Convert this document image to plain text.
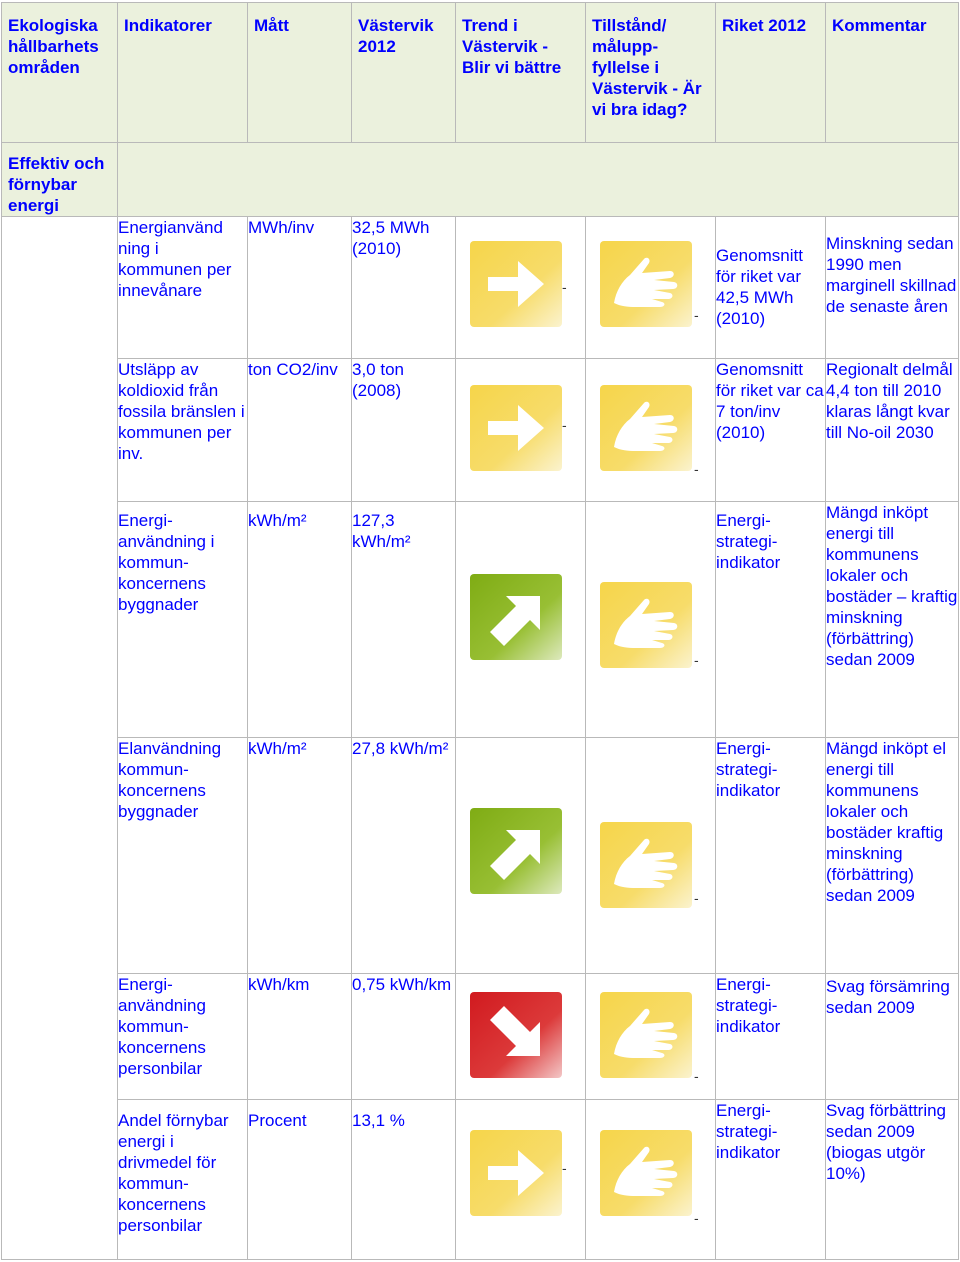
Ekologiska hållbarhets områden	Indikatorer	Mått	Västervik 2012	Trend i Västervik - Blir vi bättre	Tillstånd/ målupp- fyllelse i Västervik - Är vi bra idag?	Riket 2012	Kommentar
Effektiv och förnybar energi							
	Energianvänd ning i kommunen per innevånare	MWh/inv	32,5 MWh (2010)	-	-	Genomsnitt för riket var 42,5 MWh (2010)	Minskning sedan 1990 men marginell skillnad de senaste åren
	Utsläpp av koldioxid från fossila bränslen i kommunen per inv.	ton CO2/inv	3,0 ton (2008)	-	-	Genomsnitt för riket var ca 7 ton/inv (2010)	Regionalt delmål 4,4 ton till 2010 klaras långt kvar till No-oil 2030
	Energi- användning i kommun- koncernens byggnader	kWh/m²	127,3 kWh/m²		-	Energi- strategi- indikator	Mängd inköpt energi till kommunens lokaler och bostäder – kraftig minskning (förbättring) sedan 2009
	Elanvändning kommun- koncernens byggnader	kWh/m²	27,8 kWh/m²		-	Energi- strategi- indikator	Mängd inköpt el energi till kommunens lokaler och bostäder kraftig minskning (förbättring) sedan 2009
	Energi- användning kommun- koncernens personbilar	kWh/km	0,75 kWh/km		-	Energi- strategi- indikator	Svag försämring sedan 2009
	Andel förnybar energi i drivmedel för kommun- koncernens personbilar	Procent	13,1 %	-	-	Energi- strategi- indikator	Svag förbättring sedan 2009 (biogas utgör 10%)
